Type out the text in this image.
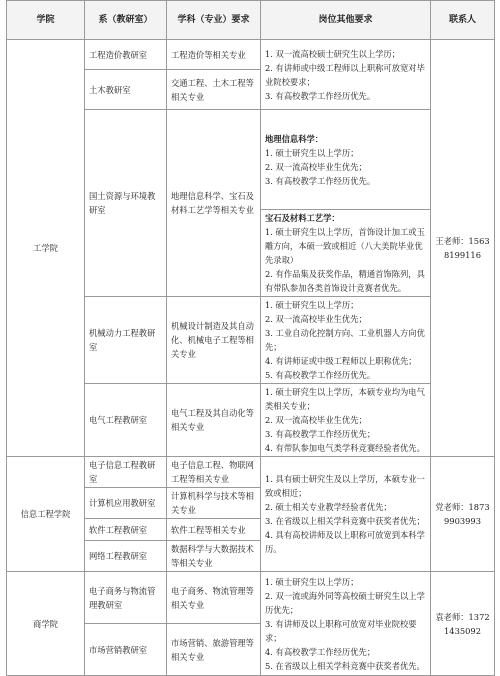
学院	系（教研室）	学科（专业）要求	岗位其他要求	联系人
工学院	工程造价教研室	工程造价等相关专业	1. 双一流高校硕士研究生以上学历；
2. 有讲师或中级工程师以上职称可放宽对毕业院校要求；
3. 有高校教学工作经历优先。	王老师：15638199116
	土木教研室	交通工程、土木工程等相关专业		
	国土资源与环境教研室	地理信息科学、宝石及材料工艺学等相关专业	地理信息科学：
1. 硕士研究生以上学历；
2. 双一流高校毕业生优先；
3. 有高校教学工作经历优先。	

			宝石及材料工艺学：
1. 硕士研究生以上学历，首饰设计加工或玉雕方向，本硕一致或相近（八大美院毕业优先录取）
2. 有作品集及获奖作品，精通首饰陈列，具有带队参加各类首饰设计竞赛者优先。	

	机械动力工程教研室	机械设计制造及其自动化、机械电子工程等相关专业	1. 硕士研究生以上学历；
2. 双一流高校毕业生优先；
3. 工业自动化控制方向、工业机器人方向优先；
4. 有讲师证或中级工程师以上职称优先；
5. 有高校教学工作经历优先。	

	电气工程教研室	电气工程及其自动化等相关专业	1. 硕士研究生以上学历，本硕专业均为电气类相关专业；
2. 双一流高校毕业生优先；
3. 有高校教学工作经历优先；
4. 有带队参加电气类学科竞赛经验者优先。	

信息工程学院	电子信息工程教研室	电子信息工程、物联网工程等相关专业	1. 具有硕士研究生及以上学历，本硕专业一致或相近；
2. 硕士相关专业教学经验者优先；
3. 在省级以上相关学科竞赛中获奖者优先；
4. 具有高校讲师及以上职称可放宽到本科学历。	党老师：18739903993
	计算机应用教研室	计算机科学与技术等相关专业		
	软件工程教研室	软件工程等相关专业		
	网络工程教研室	数据科学与大数据技术等相关专业		
商学院	电子商务与物流管理教研室	电子商务、物流管理等相关专业	1. 硕士研究生以上学历；
2. 双一流或海外同等高校硕士研究生以上学历优先；
3. 有讲师及以上职称可放宽对毕业院校要求；
4. 有高校教学工作经历优先；
5. 在省级以上相关学科竞赛中获奖者优先。	袁老师：13721435092
	市场营销教研室	市场营销、旅游管理等相关专业		
